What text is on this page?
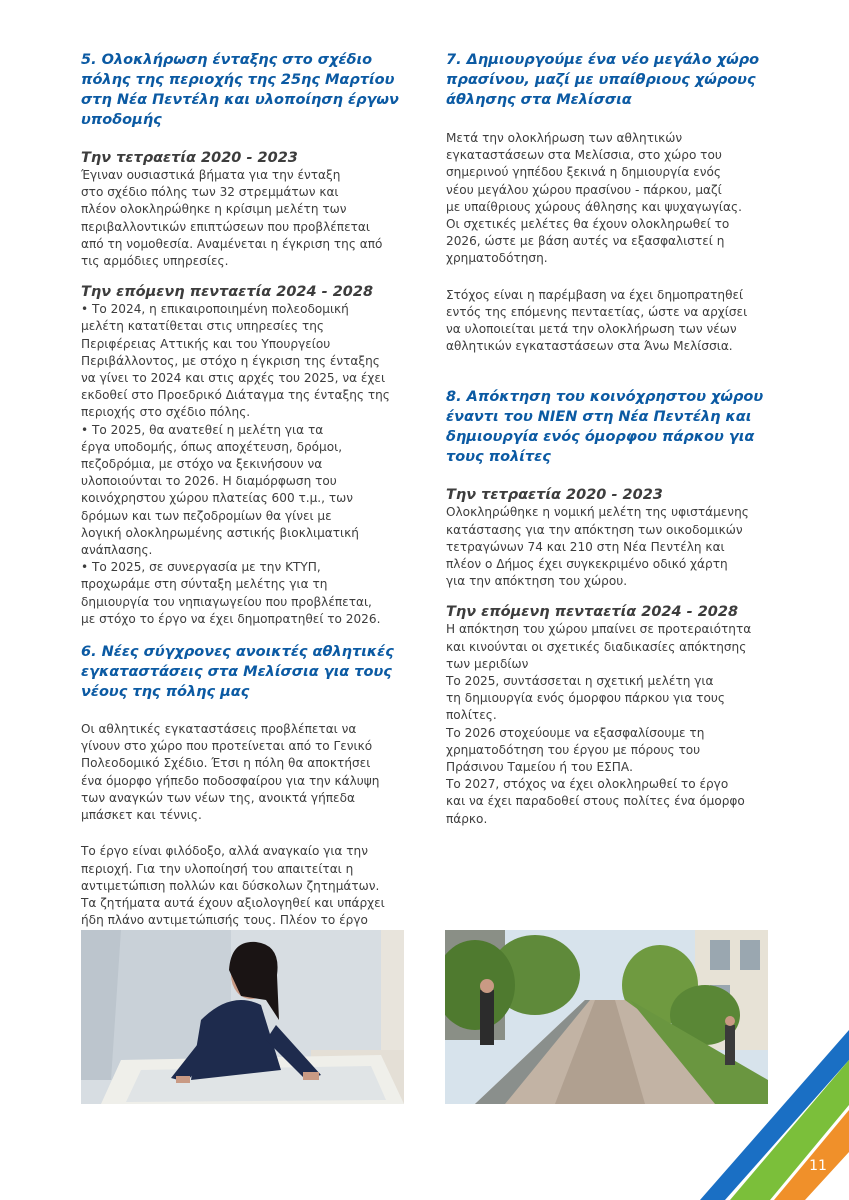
5. Ολοκλήρωση ένταξης στο σχέδιο πόλης της περιοχής της 25ης Μαρτίου στη Νέα Πεντέλη και υλοποίηση έργων υποδομής
Την τετραετία 2020 - 2023

Έγιναν ουσιαστικά βήματα για την ένταξη
στο σχέδιο πόλης των 32 στρεμμάτων και
πλέον ολοκληρώθηκε η κρίσιμη μελέτη των
περιβαλλοντικών επιπτώσεων που προβλέπεται
από τη νομοθεσία. Αναμένεται η έγκριση της από
τις αρμόδιες υπηρεσίες.

Την επόμενη πενταετία 2024 - 2028

• Το 2024, η επικαιροποιημένη πολεοδομική
μελέτη κατατίθεται στις υπηρεσίες της
Περιφέρειας Αττικής και του Υπουργείου
Περιβάλλοντος, με στόχο η έγκριση της ένταξης
να γίνει το 2024 και στις αρχές του 2025, να έχει
εκδοθεί στο Προεδρικό Διάταγμα της ένταξης της
περιοχής στο σχέδιο πόλης.
• Το 2025, θα ανατεθεί η μελέτη για τα
έργα υποδομής, όπως αποχέτευση, δρόμοι,
πεζοδρόμια, με στόχο να ξεκινήσουν να
υλοποιούνται το 2026. Η διαμόρφωση του
κοινόχρηστου χώρου πλατείας 600 τ.μ., των
δρόμων και των πεζοδρομίων θα γίνει με
λογική ολοκληρωμένης αστικής βιοκλιματική
ανάπλασης.
• Το 2025, σε συνεργασία με την ΚΤΥΠ,
προχωράμε στη σύνταξη μελέτης για τη
δημιουργία του νηπιαγωγείου που προβλέπεται,
με στόχο το έργο να έχει δημοπρατηθεί το 2026.

6. Νέες σύγχρονες ανοικτές αθλητικές εγκαταστάσεις στα Μελίσσια για τους νέους της πόλης μας

Οι αθλητικές εγκαταστάσεις προβλέπεται να
γίνουν στο χώρο που προτείνεται από το Γενικό
Πολεοδομικό Σχέδιο. Έτσι η πόλη θα αποκτήσει
ένα όμορφο γήπεδο ποδοσφαίρου για την κάλυψη
των αναγκών των νέων της, ανοικτά γήπεδα
μπάσκετ και τέννις.

Το έργο είναι φιλόδοξο, αλλά αναγκαίο για την
περιοχή. Για την υλοποίησή του απαιτείται η
αντιμετώπιση πολλών και δύσκολων ζητημάτων.
Τα ζητήματα αυτά έχουν αξιολογηθεί και υπάρχει
ήδη πλάνο αντιμετώπισής τους. Πλέον το έργο

7. Δημιουργούμε ένα νέο μεγάλο χώρο πρασίνου, μαζί με υπαίθριους χώρους άθλησης στα Μελίσσια

Μετά την ολοκλήρωση των αθλητικών
εγκαταστάσεων στα Μελίσσια, στο χώρο του
σημερινού γηπέδου ξεκινά η δημιουργία ενός
νέου μεγάλου χώρου πρασίνου - πάρκου, μαζί
με υπαίθριους χώρους άθλησης και ψυχαγωγίας.
Οι σχετικές μελέτες θα έχουν ολοκληρωθεί το
2026, ώστε με βάση αυτές να εξασφαλιστεί η
χρηματοδότηση.

Στόχος είναι η παρέμβαση να έχει δημοπρατηθεί
εντός της επόμενης πενταετίας, ώστε να αρχίσει
να υλοποιείται μετά την ολοκλήρωση των νέων
αθλητικών εγκαταστάσεων στα Άνω Μελίσσια.

8. Απόκτηση του κοινόχρηστου χώρου έναντι του ΝΙΕΝ στη Νέα Πεντέλη και δημιουργία ενός όμορφου πάρκου για τους πολίτες
Την τετραετία 2020 - 2023

Ολοκληρώθηκε η νομική μελέτη της υφιστάμενης
κατάστασης για την απόκτηση των οικοδομικών
τετραγώνων 74 και 210 στη Νέα Πεντέλη και
πλέον ο Δήμος έχει συγκεκριμένο οδικό χάρτη
για την απόκτηση του χώρου.

Την επόμενη πενταετία 2024 - 2028

Η απόκτηση του χώρου μπαίνει σε προτεραιότητα
και κινούνται οι σχετικές διαδικασίες απόκτησης
των μεριδίων
Το 2025, συντάσσεται η σχετική μελέτη για
τη δημιουργία ενός όμορφου πάρκου για τους
πολίτες.
Το 2026 στοχεύουμε να εξασφαλίσουμε τη
χρηματοδότηση του έργου με πόρους του
Πράσινου Ταμείου ή του ΕΣΠΑ.
Το 2027, στόχος να έχει ολοκληρωθεί το έργο
και να έχει παραδοθεί στους πολίτες ένα όμορφο
πάρκο.

11
